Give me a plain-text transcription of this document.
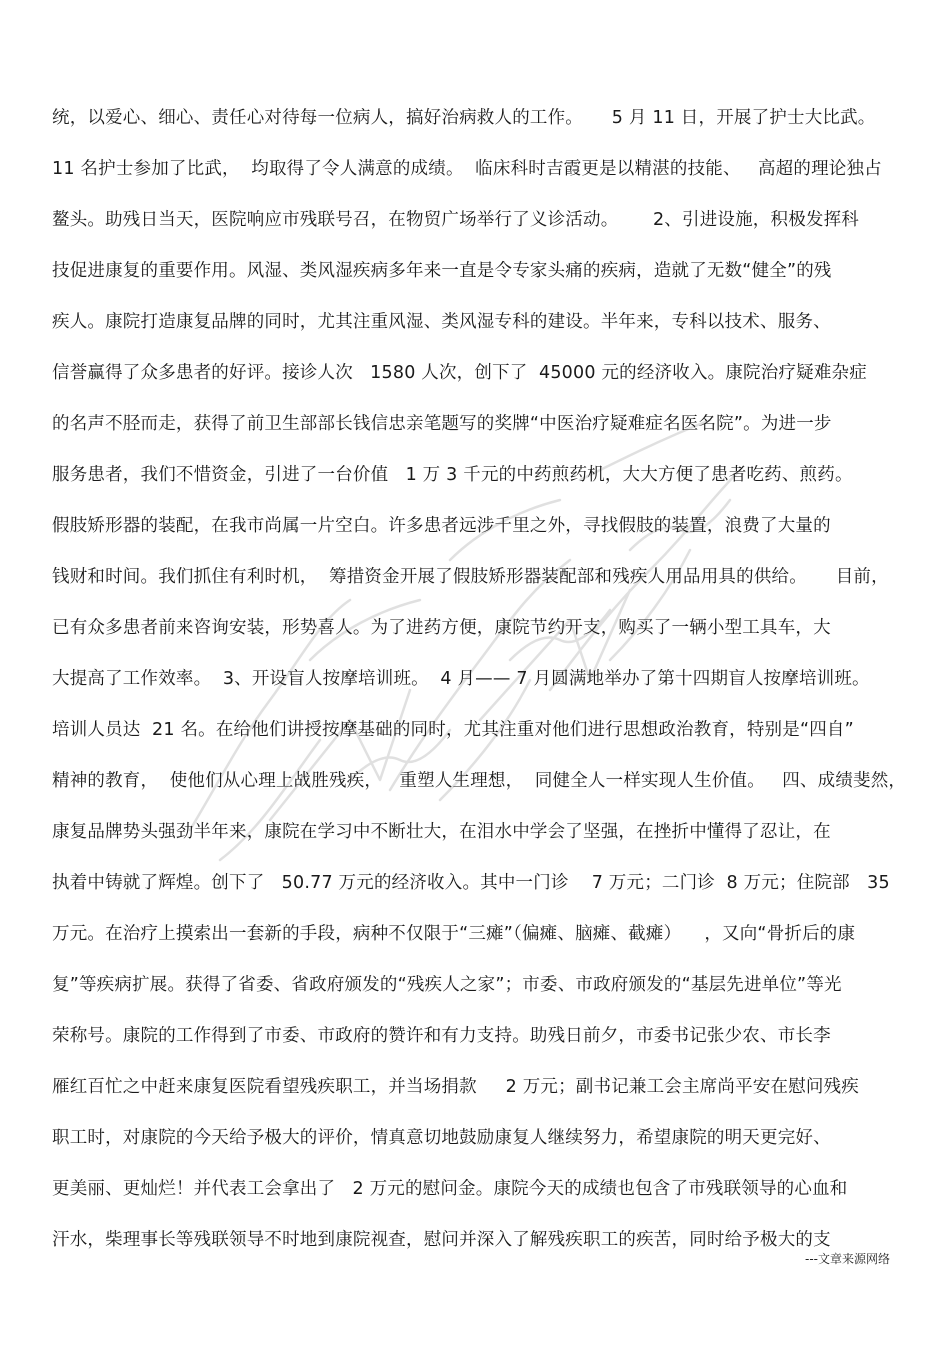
统，以爱心、细心、责任心对待每一位病人，搞好治病救人的工作。     5 月 11 日，开展了护士大比武。
11 名护士参加了比武，  均取得了令人满意的成绩。  临床科时吉霞更是以精湛的技能、   高超的理论独占
鳌头。助残日当天，医院响应市残联号召，在物贸广场举行了义诊活动。      2、引进设施，积极发挥科
技促进康复的重要作用。风湿、类风湿疾病多年来一直是令专家头痛的疾病，造就了无数“健全”的残
疾人。康院打造康复品牌的同时，尤其注重风湿、类风湿专科的建设。半年来，专科以技术、服务、
信誉赢得了众多患者的好评。接诊人次   1580 人次，创下了  45000 元的经济收入。康院治疗疑难杂症
的名声不胫而走，获得了前卫生部部长钱信忠亲笔题写的奖牌“中医治疗疑难症名医名院”。为进一步
服务患者，我们不惜资金，引进了一台价值   1 万 3 千元的中药煎药机，大大方便了患者吃药、煎药。
假肢矫形器的装配，在我市尚属一片空白。许多患者远涉千里之外，寻找假肢的装置，浪费了大量的
钱财和时间。我们抓住有利时机，  筹措资金开展了假肢矫形器装配部和残疾人用品用具的供给。     目前，
已有众多患者前来咨询安装，形势喜人。为了进药方便，康院节约开支，购买了一辆小型工具车，大
大提高了工作效率。  3、开设盲人按摩培训班。  4 月—— 7 月圆满地举办了第十四期盲人按摩培训班。
培训人员达  21 名。在给他们讲授按摩基础的同时，尤其注重对他们进行思想政治教育，特别是“四自”
精神的教育，  使他们从心理上战胜残疾，   重塑人生理想，  同健全人一样实现人生价值。   四、成绩斐然，
康复品牌势头强劲半年来，康院在学习中不断壮大，在泪水中学会了坚强，在挫折中懂得了忍让，在
执着中铸就了辉煌。创下了   50.77 万元的经济收入。其中一门诊    7 万元；二门诊  8 万元；住院部   35
万元。在治疗上摸索出一套新的手段，病种不仅限于“三瘫”（偏瘫、脑瘫、截瘫）    ，又向“骨折后的康
复”等疾病扩展。获得了省委、省政府颁发的“残疾人之家”；市委、市政府颁发的“基层先进单位”等光
荣称号。康院的工作得到了市委、市政府的赞许和有力支持。助残日前夕，市委书记张少农、市长李
雁红百忙之中赶来康复医院看望残疾职工，并当场捐款     2 万元；副书记兼工会主席尚平安在慰问残疾
职工时，对康院的今天给予极大的评价，情真意切地鼓励康复人继续努力，希望康院的明天更完好、
更美丽、更灿烂！并代表工会拿出了   2 万元的慰问金。康院今天的成绩也包含了市残联领导的心血和
汗水，柴理事长等残联领导不时地到康院视查，慰问并深入了解残疾职工的疾苦，同时给予极大的支
---文章来源网络
